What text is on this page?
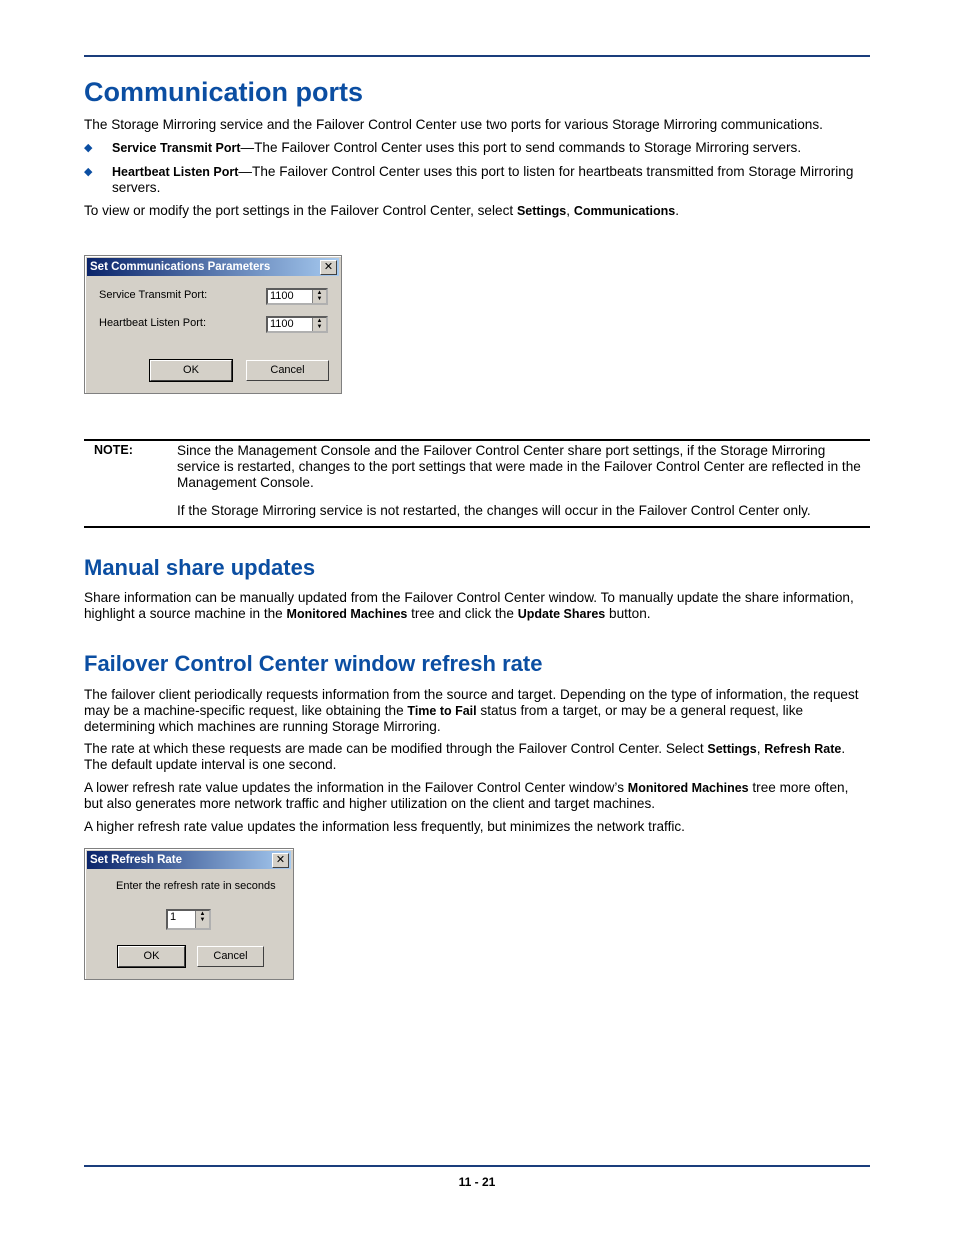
Communication ports

The Storage Mirroring service and the Failover Control Center use two ports for various Storage Mirroring communications.

◆ Service Transmit Port—The Failover Control Center uses this port to send commands to Storage Mirroring servers.
◆ Heartbeat Listen Port—The Failover Control Center uses this port to listen for heartbeats transmitted from Storage Mirroring servers.

To view or modify the port settings in the Failover Control Center, select Settings, Communications.

Set Communications Parameters	✕
Service Transmit Port:	1100	▲
▼
Heartbeat Listen Port:	1100	▲
▼
OK	Cancel
NOTE:	Since the Management Console and the Failover Control Center share port settings, if the Storage Mirroring service is restarted, changes to the port settings that were made in the Failover Control Center are reflected in the Management Console.

If the Storage Mirroring service is not restarted, the changes will occur in the Failover Control Center only.

Manual share updates

Share information can be manually updated from the Failover Control Center window. To manually update the share information, highlight a source machine in the Monitored Machines tree and click the Update Shares button.

Failover Control Center window refresh rate

The failover client periodically requests information from the source and target. Depending on the type of information, the request may be a machine-specific request, like obtaining the Time to Fail status from a target, or may be a general request, like determining which machines are running Storage Mirroring.

The rate at which these requests are made can be modified through the Failover Control Center. Select Settings, Refresh Rate. The default update interval is one second.

A lower refresh rate value updates the information in the Failover Control Center window’s Monitored Machines tree more often, but also generates more network traffic and higher utilization on the client and target machines.

A higher refresh rate value updates the information less frequently, but minimizes the network traffic.

Set Refresh Rate	✕
Enter the refresh rate in seconds
1	▲
▼
OK	Cancel
11 - 21
